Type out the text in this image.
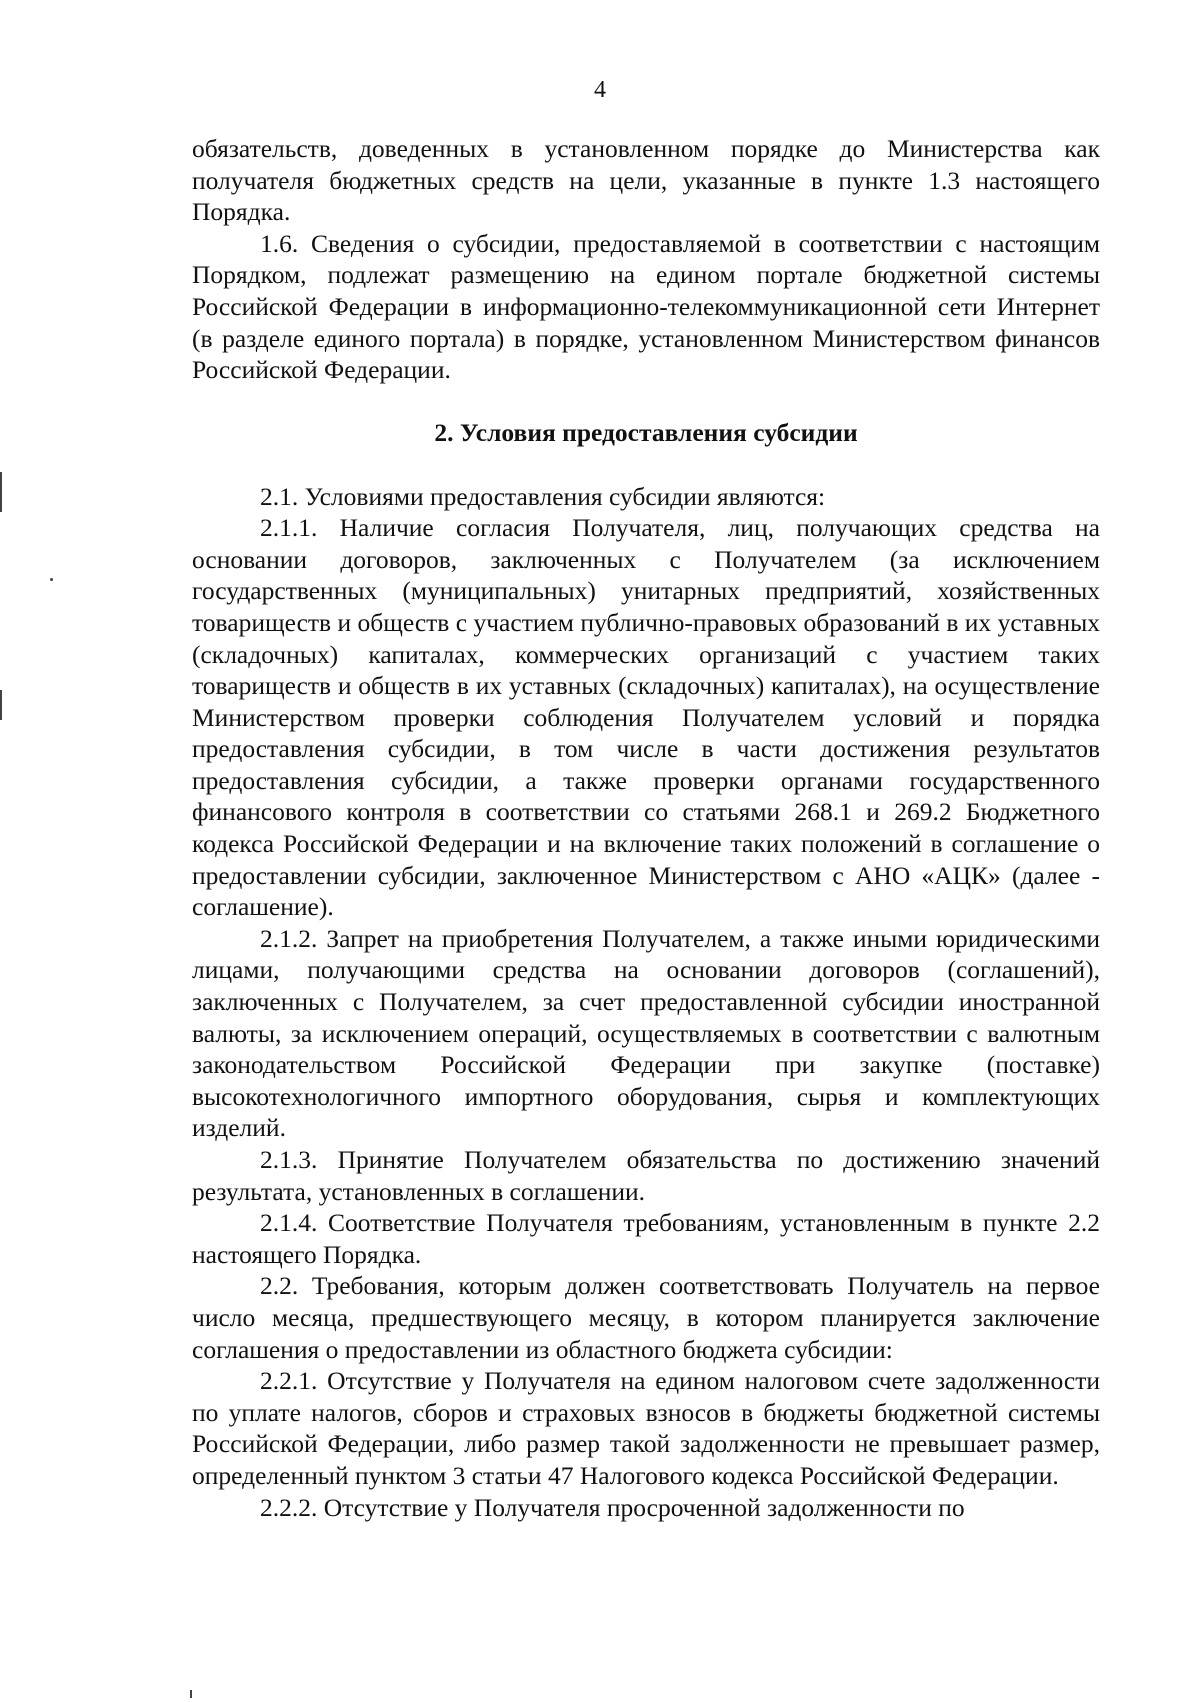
4

обязательств, доведенных в установленном порядке до Министерства как получателя бюджетных средств на цели, указанные в пункте 1.3 настоящего Порядка.

1.6. Сведения о субсидии, предоставляемой в соответствии с настоящим Порядком, подлежат размещению на едином портале бюджетной системы Российской Федерации в информационно-телекоммуникационной сети Интернет (в разделе единого портала) в порядке, установленном Министерством финансов Российской Федерации.

2. Условия предоставления субсидии

2.1. Условиями предоставления субсидии являются:

2.1.1. Наличие согласия Получателя, лиц, получающих средства на основании договоров, заключенных с Получателем (за исключением государственных (муниципальных) унитарных предприятий, хозяйственных товариществ и обществ с участием публично-правовых образований в их уставных (складочных) капиталах, коммерческих организаций с участием таких товариществ и обществ в их уставных (складочных) капиталах), на осуществление Министерством проверки соблюдения Получателем условий и порядка предоставления субсидии, в том числе в части достижения результатов предоставления субсидии, а также проверки органами государственного финансового контроля в соответствии со статьями 268.1 и 269.2 Бюджетного кодекса Российской Федерации и на включение таких положений в соглашение о предоставлении субсидии, заключенное Министерством с АНО «АЦК» (далее - соглашение).

2.1.2. Запрет на приобретения Получателем, а также иными юридическими лицами, получающими средства на основании договоров (соглашений), заключенных с Получателем, за счет предоставленной субсидии иностранной валюты, за исключением операций, осуществляемых в соответствии с валютным законодательством Российской Федерации при закупке (поставке) высокотехнологичного импортного оборудования, сырья и комплектующих изделий.

2.1.3. Принятие Получателем обязательства по достижению значений результата, установленных в соглашении.

2.1.4. Соответствие Получателя требованиям, установленным в пункте 2.2 настоящего Порядка.

2.2. Требования, которым должен соответствовать Получатель на первое число месяца, предшествующего месяцу, в котором планируется заключение соглашения о предоставлении из областного бюджета субсидии:

2.2.1. Отсутствие у Получателя на едином налоговом счете задолженности по уплате налогов, сборов и страховых взносов в бюджеты бюджетной системы Российской Федерации, либо размер такой задолженности не превышает размер, определенный пунктом 3 статьи 47 Налогового кодекса Российской Федерации.

2.2.2. Отсутствие у Получателя просроченной задолженности по
